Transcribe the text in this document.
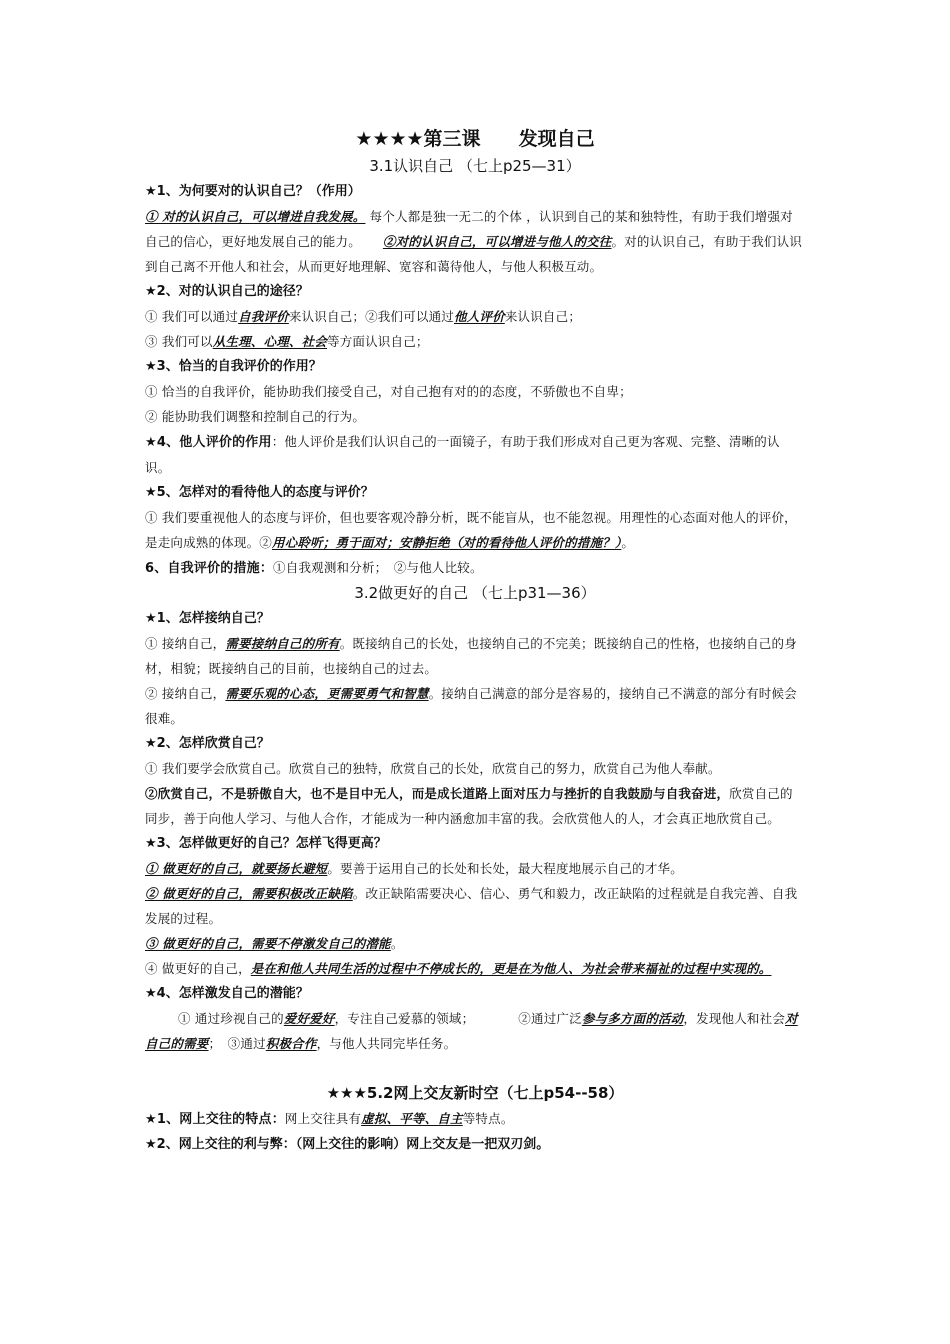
★★★★第三课 发现自己
3.1认识自己 （七上p25—31）
★1、为何要对的认识自己？（作用）
① 对的认识自己，可以增进自我发展。 每个人都是独一无二的个体 ，认识到自己的某和独特性，有助于我们增强对自己的信心，更好地发展自己的能力。 ②对的认识自己，可以增进与他人的交往。对的认识自己，有助于我们认识到自己离不开他人和社会，从而更好地理解、宽容和蔼待他人，与他人积极互动。
★2、对的认识自己的途径？
① 我们可以通过自我评价来认识自己；②我们可以通过他人评价来认识自己；
③ 我们可以从生理、心理、社会等方面认识自己；
★3、恰当的自我评价的作用？
① 恰当的自我评价，能协助我们接受自己，对自己抱有对的的态度，不骄傲也不自卑；
② 能协助我们调整和控制自己的行为。
★4、他人评价的作用：他人评价是我们认识自己的一面镜子，有助于我们形成对自己更为客观、完整、清晰的认识。
★5、怎样对的看待他人的态度与评价？
① 我们要重视他人的态度与评价，但也要客观冷静分析，既不能盲从，也不能忽视。用理性的心态面对他人的评价，是走向成熟的体现。②用心聆听；勇于面对；安静拒绝（对的看待他人评价的措施？）。
6、自我评价的措施：①自我观测和分析；　②与他人比较。
3.2做更好的自己 （七上p31—36）
★1、怎样接纳自己？
① 接纳自己，需要接纳自己的所有。既接纳自己的长处，也接纳自己的不完美；既接纳自己的性格，也接纳自己的身材，相貌；既接纳自己的目前，也接纳自己的过去。
② 接纳自己，需要乐观的心态，更需要勇气和智慧。接纳自己满意的部分是容易的，接纳自己不满意的部分有时候会很难。
★2、怎样欣赏自己？
① 我们要学会欣赏自己。欣赏自己的独特，欣赏自己的长处，欣赏自己的努力，欣赏自己为他人奉献。
②欣赏自己，不是骄傲自大，也不是目中无人，而是成长道路上面对压力与挫折的自我鼓励与自我奋进，欣赏自己的同步，善于向他人学习、与他人合作，才能成为一种内涵愈加丰富的我。会欣赏他人的人，才会真正地欣赏自己。
★3、怎样做更好的自己？怎样飞得更高？
① 做更好的自己，就要扬长避短。要善于运用自己的长处和长处，最大程度地展示自己的才华。
② 做更好的自己，需要积极改正缺陷。改正缺陷需要决心、信心、勇气和毅力，改正缺陷的过程就是自我完善、自我发展的过程。
③ 做更好的自己，需要不停激发自己的潜能。
④ 做更好的自己，是在和他人共同生活的过程中不停成长的，更是在为他人、为社会带来福祉的过程中实现的。
★4、怎样激发自己的潜能？
① 通过珍视自己的爱好爱好，专注自己爱慕的领域；	②通过广泛参与多方面的活动，发现他人和社会对自己的需要；　③通过积极合作，与他人共同完毕任务。
★★★5.2网上交友新时空（七上p54--58）
★1、网上交往的特点：网上交往具有虚拟、平等、自主等特点。
★2、网上交往的利与弊：（网上交往的影响）网上交友是一把双刃剑。
